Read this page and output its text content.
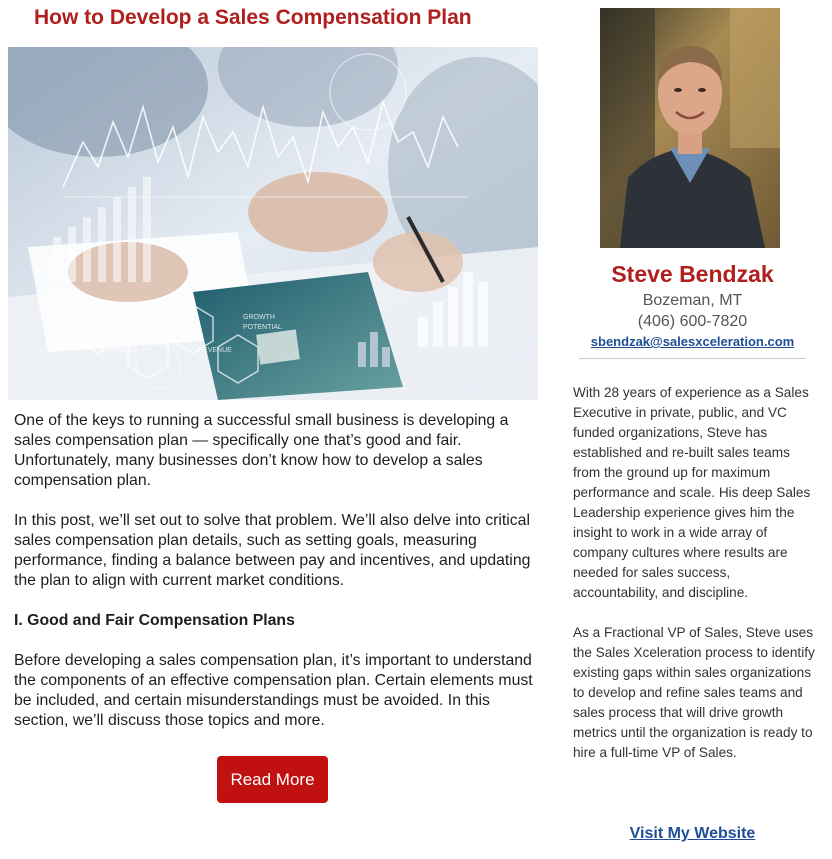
How to Develop a Sales Compensation Plan
EXPENSES	REVENUE
GROWTH
POTENTIAL

One of the keys to running a successful small business is developing a sales compensation plan — specifically one that’s good and fair. Unfortunately, many businesses don’t know how to develop a sales compensation plan.

In this post, we’ll set out to solve that problem. We’ll also delve into critical sales compensation plan details, such as setting goals, measuring performance, finding a balance between pay and incentives, and updating the plan to align with current market conditions.

I. Good and Fair Compensation Plans

Before developing a sales compensation plan, it’s important to understand the components of an effective compensation plan. Certain elements must be included, and certain misunderstandings must be avoided. In this section, we’ll discuss those topics and more.

Read More
Steve Bendzak
Bozeman, MT
(406) 600-7820
sbendzak@salesxceleration.com

With 28 years of experience as a Sales Executive in private, public, and VC funded organizations, Steve has established and re-built sales teams from the ground up for maximum performance and scale. His deep Sales Leadership experience gives him the insight to work in a wide array of company cultures where results are needed for sales success, accountability, and discipline.

As a Fractional VP of Sales, Steve uses the Sales Xceleration process to identify existing gaps within sales organizations to develop and refine sales teams and sales process that will drive growth metrics until the organization is ready to hire a full-time VP of Sales.

Visit My Website
